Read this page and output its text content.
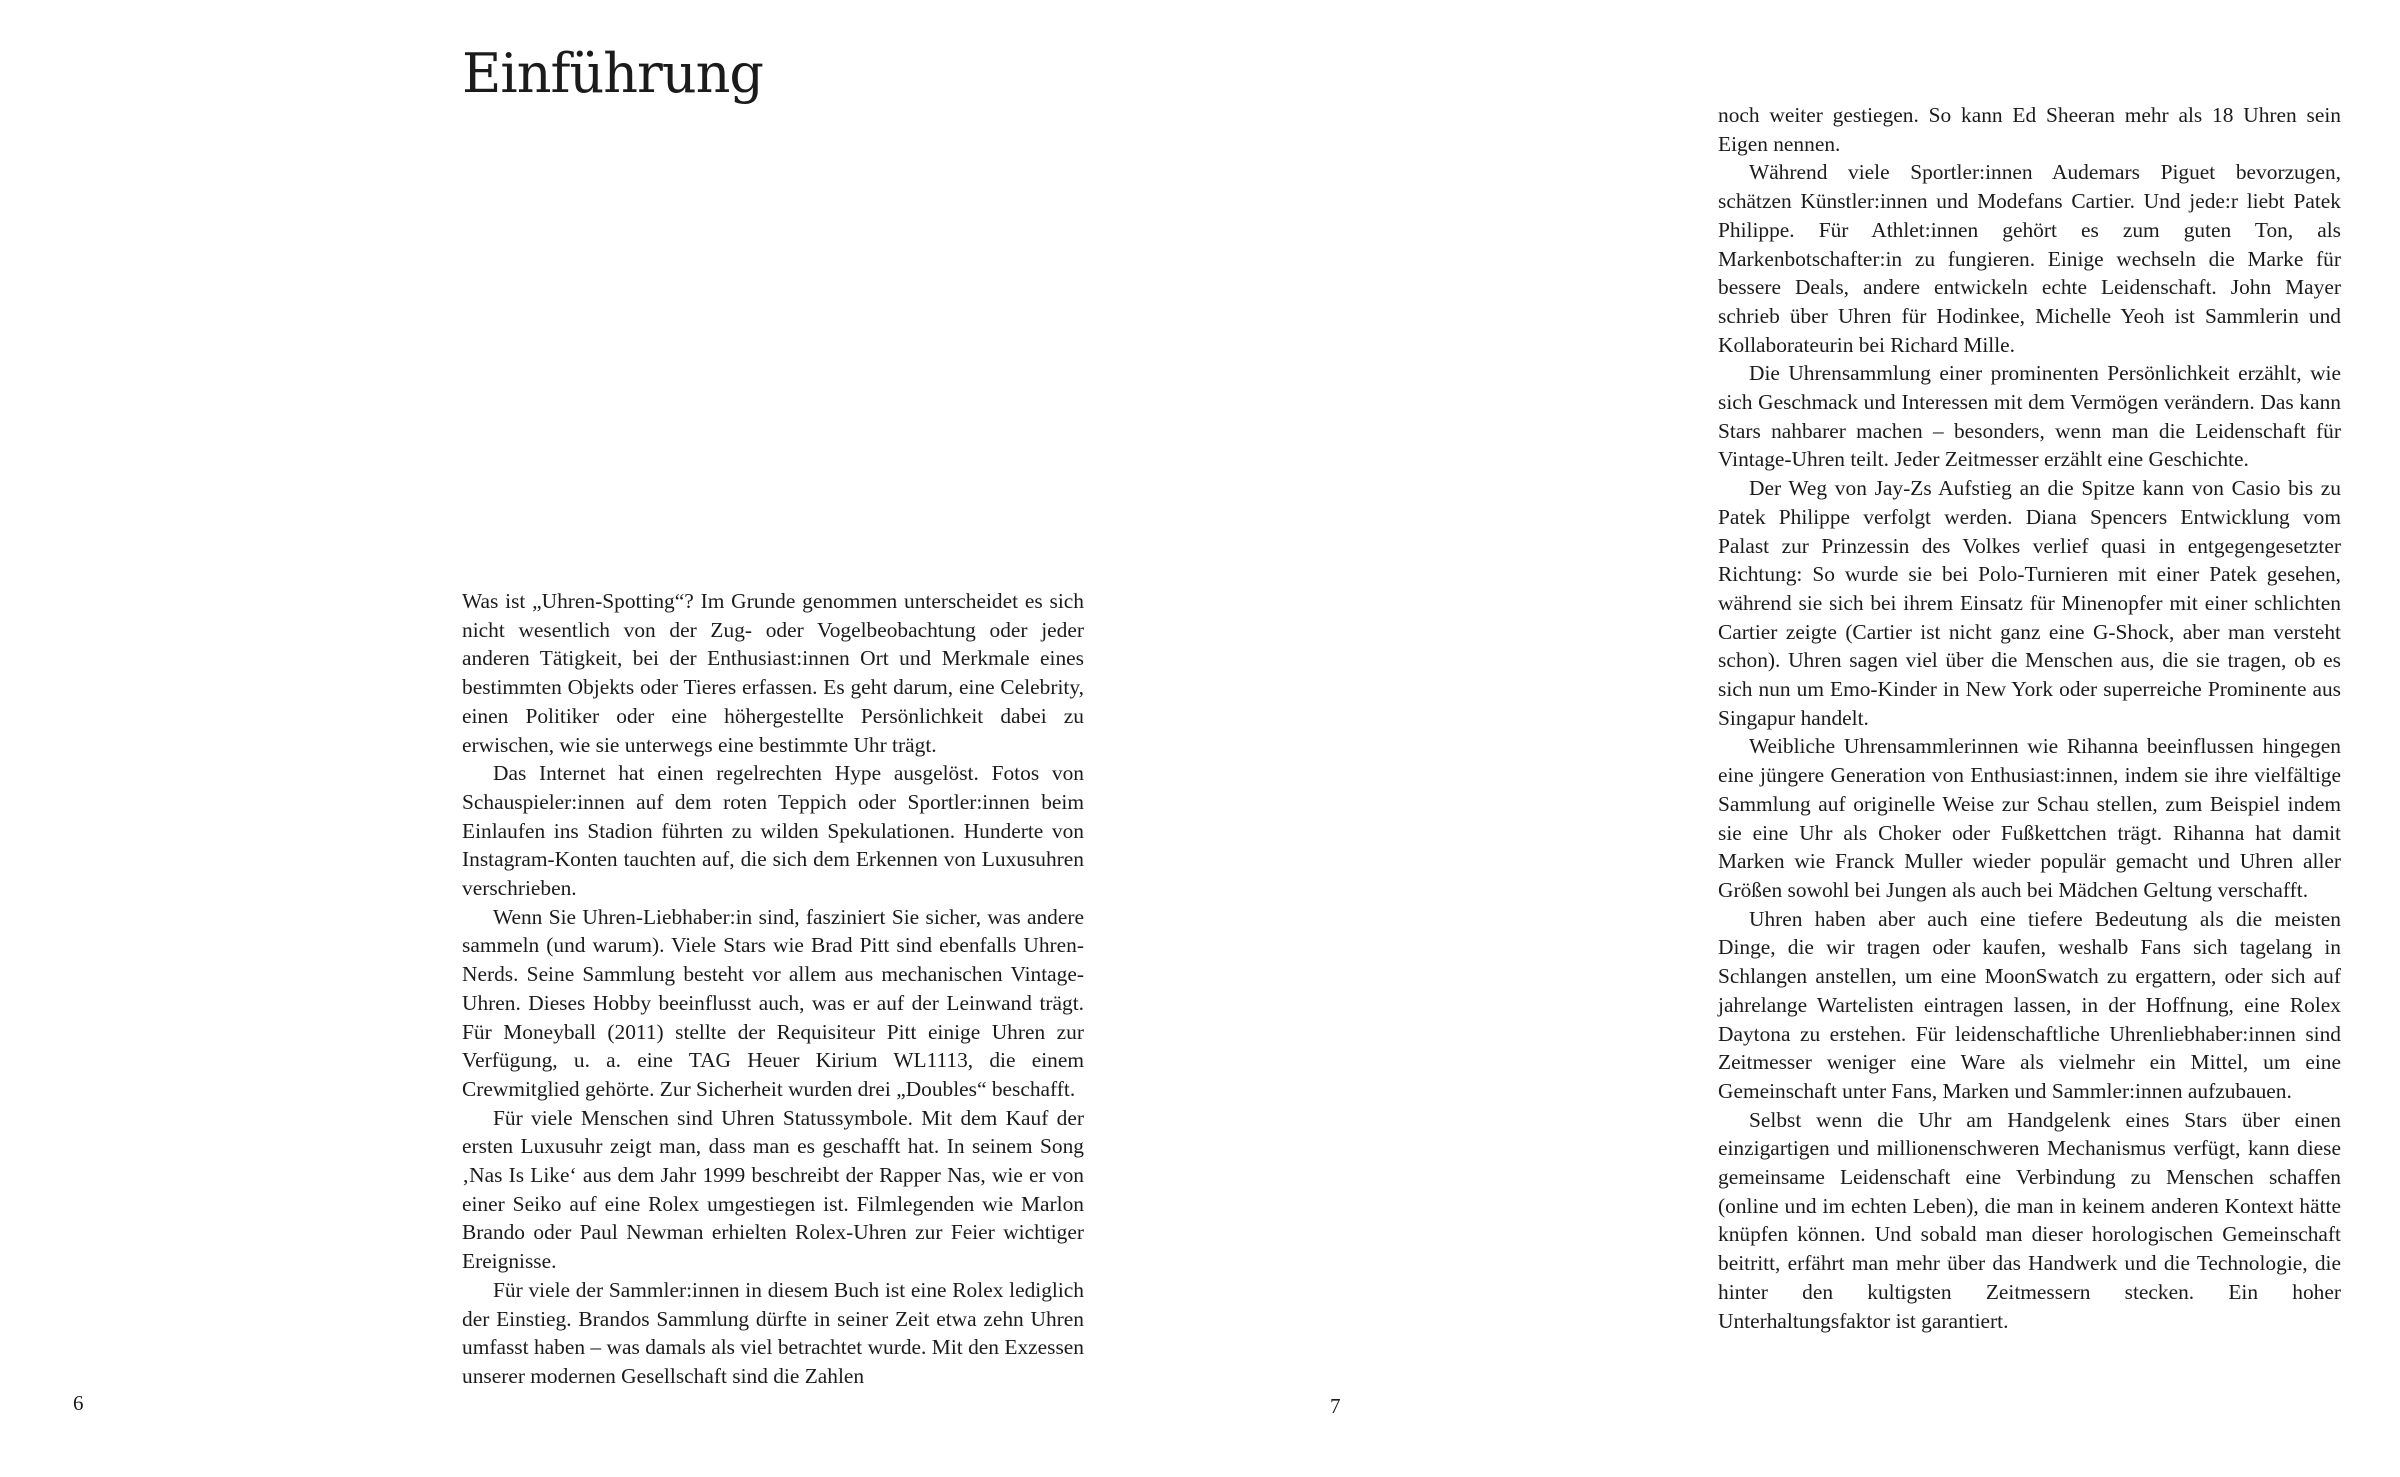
Einführung

Was ist „Uhren-Spotting“? Im Grunde genommen unterscheidet es sich nicht wesentlich von der Zug- oder Vogelbeobachtung oder jeder anderen Tätigkeit, bei der Enthusiast:innen Ort und Merkmale eines bestimmten Objekts oder Tieres erfassen. Es geht darum, eine Celebrity, einen Politiker oder eine höhergestellte Persönlichkeit dabei zu erwischen, wie sie unterwegs eine bestimmte Uhr trägt.

Das Internet hat einen regelrechten Hype ausgelöst. Fotos von Schauspieler:innen auf dem roten Teppich oder Sportler:innen beim Einlaufen ins Stadion führten zu wilden Spekulationen. Hunderte von Instagram-Konten tauchten auf, die sich dem Erkennen von Luxusuhren verschrieben.

Wenn Sie Uhren-Liebhaber:in sind, fasziniert Sie sicher, was andere sammeln (und warum). Viele Stars wie Brad Pitt sind ebenfalls Uhren-Nerds. Seine Sammlung besteht vor allem aus mechanischen Vintage-Uhren. Dieses Hobby beeinflusst auch, was er auf der Leinwand trägt. Für Moneyball (2011) stellte der Requisiteur Pitt einige Uhren zur Verfügung, u. a. eine TAG Heuer Kirium WL1113, die einem Crewmitglied gehörte. Zur Sicherheit wurden drei „Doubles“ beschafft.

Für viele Menschen sind Uhren Statussymbole. Mit dem Kauf der ersten Luxusuhr zeigt man, dass man es geschafft hat. In seinem Song ‚Nas Is Like‘ aus dem Jahr 1999 beschreibt der Rapper Nas, wie er von einer Seiko auf eine Rolex umgestiegen ist. Filmlegenden wie Marlon Brando oder Paul Newman erhielten Rolex-Uhren zur Feier wichtiger Ereignisse.

Für viele der Sammler:innen in diesem Buch ist eine Rolex lediglich der Einstieg. Brandos Sammlung dürfte in seiner Zeit etwa zehn Uhren umfasst haben – was damals als viel betrachtet wurde. Mit den Exzessen unserer modernen Gesellschaft sind die Zahlen

6

noch weiter gestiegen. So kann Ed Sheeran mehr als 18 Uhren sein Eigen nennen.

Während viele Sportler:innen Audemars Piguet bevorzugen, schätzen Künstler:innen und Modefans Cartier. Und jede:r liebt Patek Philippe. Für Athlet:innen gehört es zum guten Ton, als Markenbotschafter:in zu fungieren. Einige wechseln die Marke für bessere Deals, andere entwickeln echte Leidenschaft. John Mayer schrieb über Uhren für Hodinkee, Michelle Yeoh ist Sammlerin und Kollaborateurin bei Richard Mille.

Die Uhrensammlung einer prominenten Persönlichkeit erzählt, wie sich Geschmack und Interessen mit dem Vermögen verändern. Das kann Stars nahbarer machen – besonders, wenn man die Leidenschaft für Vintage-Uhren teilt. Jeder Zeitmesser erzählt eine Geschichte.

Der Weg von Jay-Zs Aufstieg an die Spitze kann von Casio bis zu Patek Philippe verfolgt werden. Diana Spencers Entwicklung vom Palast zur Prinzessin des Volkes verlief quasi in entgegengesetzter Richtung: So wurde sie bei Polo-Turnieren mit einer Patek gesehen, während sie sich bei ihrem Einsatz für Minenopfer mit einer schlichten Cartier zeigte (Cartier ist nicht ganz eine G-Shock, aber man versteht schon). Uhren sagen viel über die Menschen aus, die sie tragen, ob es sich nun um Emo-Kinder in New York oder superreiche Prominente aus Singapur handelt.

Weibliche Uhrensammlerinnen wie Rihanna beeinflussen hingegen eine jüngere Generation von Enthusiast:innen, indem sie ihre vielfältige Sammlung auf originelle Weise zur Schau stellen, zum Beispiel indem sie eine Uhr als Choker oder Fußkettchen trägt. Rihanna hat damit Marken wie Franck Muller wieder populär gemacht und Uhren aller Größen sowohl bei Jungen als auch bei Mädchen Geltung verschafft.

Uhren haben aber auch eine tiefere Bedeutung als die meisten Dinge, die wir tragen oder kaufen, weshalb Fans sich tagelang in Schlangen anstellen, um eine MoonSwatch zu ergattern, oder sich auf jahrelange Wartelisten eintragen lassen, in der Hoffnung, eine Rolex Daytona zu erstehen. Für leidenschaftliche Uhrenliebhaber:innen sind Zeitmesser weniger eine Ware als vielmehr ein Mittel, um eine Gemeinschaft unter Fans, Marken und Sammler:innen aufzubauen.

Selbst wenn die Uhr am Handgelenk eines Stars über einen einzigartigen und millionenschweren Mechanismus verfügt, kann diese gemeinsame Leidenschaft eine Verbindung zu Menschen schaffen (online und im echten Leben), die man in keinem anderen Kontext hätte knüpfen können. Und sobald man dieser horologischen Gemeinschaft beitritt, erfährt man mehr über das Handwerk und die Technologie, die hinter den kultigsten Zeitmessern stecken. Ein hoher Unterhaltungsfaktor ist garantiert.

7
